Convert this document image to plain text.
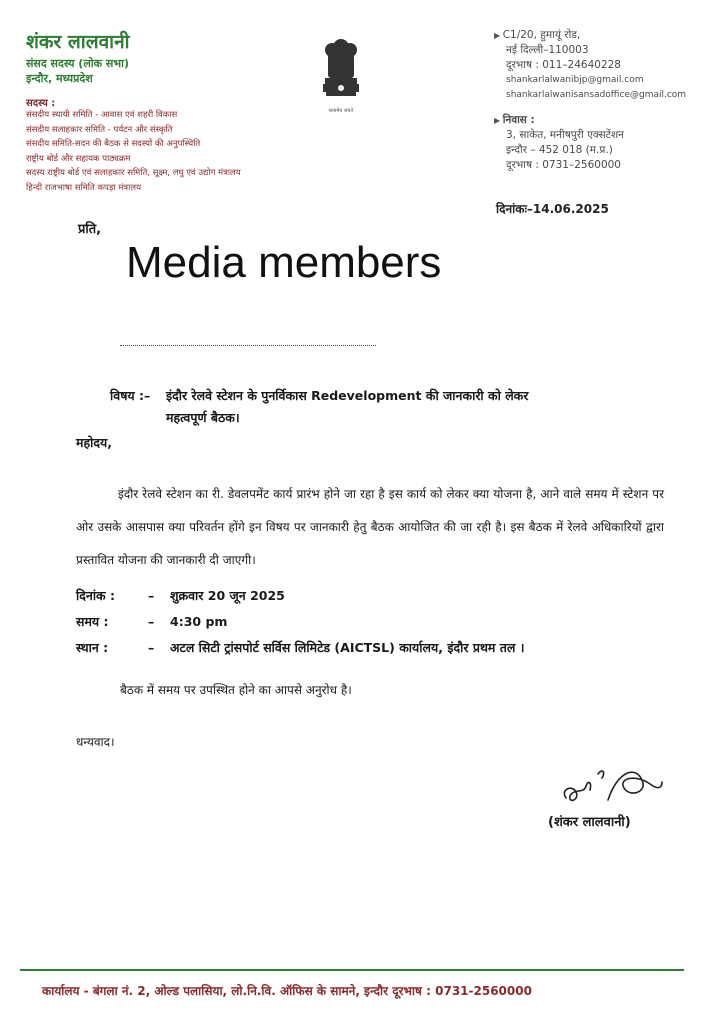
शंकर लालवानी
संसद सदस्य (लोक सभा)
इन्दौर, मध्यप्रदेश
सदस्य :
संसदीय स्थायी समिति - आवास एवं शहरी विकास
संसदीय सलाहकार समिति - पर्यटन और संस्कृति
संसदीय समिति-सदन की बैठक से सदस्यों की अनुपस्थिति
राष्ट्रीय बोर्ड और सहायक पाठ्यक्रम
सदस्य राष्ट्रीय बोर्ड एवं सलाहकार समिति, सूक्ष्म, लघु एवं उद्योग मंत्रालय
हिन्दी राजभाषा समिति कपड़ा मंत्रालय
सत्यमेव जयते
▶ C1/20, हुमायूं रोड,
नई दिल्ली–110003
दूरभाष : 011–24640228
shankarlalwanibjp@gmail.com
shankarlalwanisansadoffice@gmail.com
▶ निवास :
3, साकेत, मनीषपुरी एक्सटेंशन
इन्दौर – 452 018 (म.प्र.)
दूरभाष : 0731–2560000
दिनांकः–14.06.2025
प्रति,
Media members
विषय :– इंदौर रेलवे स्टेशन के पुनर्विकास Redevelopment की जानकारी को लेकर
महत्वपूर्ण बैठक।
महोदय,
इंदौर रेलवे स्टेशन का री. डेवलपमेंट कार्य प्रारंभ होने जा रहा है इस कार्य को लेकर क्या योजना है, आने वाले समय में स्टेशन पर ओर उसके आसपास क्या परिवर्तन होंगे इन विषय पर जानकारी हेतु बैठक आयोजित की जा रही है। इस बैठक में रेलवे अधिकारियों द्वारा प्रस्तावित योजना की जानकारी दी जाएगी।
दिनांक :	– शुक्रवार 20 जून 2025
समय :	– 4:30 pm
स्थान :	– अटल सिटी ट्रांसपोर्ट सर्विस लिमिटेड (AICTSL) कार्यालय, इंदौर प्रथम तल ।
बैठक में समय पर उपस्थित होने का आपसे अनुरोध है।
धन्यवाद।
(शंकर लालवानी)
कार्यालय - बंगला नं. 2, ओल्ड पलासिया, लो.नि.वि. ऑफिस के सामने, इन्दौर दूरभाष : 0731-2560000
